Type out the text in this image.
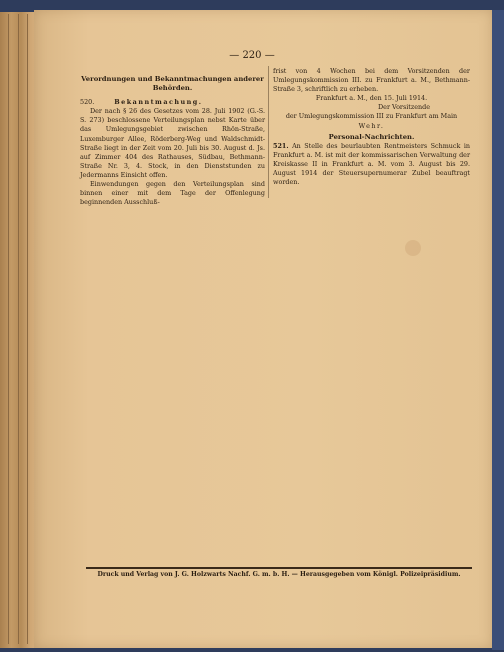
— 220 —
Verordnungen und Bekanntmachungen anderer Behörden.
520.	Bekanntmachung.

Der nach § 26 des Gesetzes vom 28. Juli 1902 (G.-S. S. 273) beschlossene Verteilungsplan nebst Karte über das Umlegungsgebiet zwischen Rhön-Straße, Luxemburger Allee, Röderberg-Weg und Waldschmidt-Straße liegt in der Zeit vom 20. Juli bis 30. August d. Js. auf Zimmer 404 des Rathauses, Südbau, Bethmann-Straße Nr. 3, 4. Stock, in den Dienststunden zu Jedermanns Einsicht offen.

Einwendungen gegen den Verteilungsplan sind binnen einer mit dem Tage der Offenlegung beginnenden Ausschluß-

frist von 4 Wochen bei dem Vorsitzenden der Umlegungskommission III. zu Frankfurt a. M., Bethmann-Straße 3, schriftlich zu erheben.

Frankfurt a. M., den 15. Juli 1914.
Der Vorsitzende
der Umlegungskommission III zu Frankfurt am Main
Wehr.
Personal-Nachrichten.

521. An Stelle des beurlaubten Rentmeisters Schmuck in Frankfurt a. M. ist mit der kommissarischen Verwaltung der Kreiskasse II in Frankfurt a. M. vom 3. August bis 29. August 1914 der Steuersupernumerar Zubel beauftragt worden.

Druck und Verlag von J. G. Holzwarts Nachf. G. m. b. H. — Herausgegeben vom Königl. Polizeipräsidium.
